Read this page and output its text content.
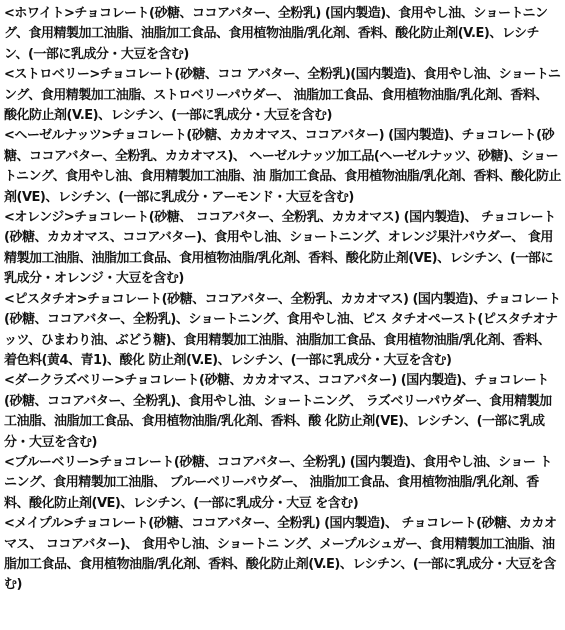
<ホワイト>チョコレート(砂糖、ココアバター、全粉乳) (国内製造)、食用やし油、ショートニング、食用精製加工油脂、油脂加工食品、食用植物油脂/乳化剤、香料、酸化防止剤(V.E)、レシチン、(一部に乳成分・大豆を含む)

<ストロベリー>チョコレート(砂糖、ココ アバター、全粉乳)(国内製造)、食用やし油、ショートニング、食用精製加工油脂、ストロベリーパウダー、 油脂加工食品、食用植物油脂/乳化剤、香料、 酸化防止剤(V.E)、レシチン、(一部に乳成分・大豆を含む)

<ヘーゼルナッツ>チョコレート(砂糖、カカオマス、ココアバター) (国内製造)、チョコレート(砂糖、ココアバター、全粉乳、カカオマス)、 ヘーゼルナッツ加工品(ヘーゼルナッツ、砂糖)、ショートニング、食用やし油、食用精製加工油脂、油 脂加工食品、食用植物油脂/乳化剤、香料、酸化防止剤(VE)、レシチン、(一部に乳成分・アーモンド・大豆を含む)

<オレンジ>チョコレート(砂糖、 ココアバター、全粉乳、カカオマス) (国内製造)、 チョコレート(砂糖、カカオマス、ココアバター)、食用やし油、ショートニング、オレンジ果汁パウダー、 食用精製加工油脂、油脂加工食品、食用植物油脂/乳化剤、香料、酸化防止剤(VE)、レシチン、(一部に乳成分・オレンジ・大豆を含む)

<ピスタチオ>チョコレート(砂糖、ココアバター、全粉乳、カカオマス) (国内製造)、チョコレート(砂糖、ココアバター、全粉乳)、ショートニング、食用やし油、ピス タチオペースト(ピスタチオナッツ、ひまわり油、ぶどう糖)、食用精製加工油脂、油脂加工食品、食用植物油脂/乳化剤、香料、着色料(黄4、青1)、酸化 防止剤(V.E)、レシチン、(一部に乳成分・大豆を含む)

<ダークラズベリー>チョコレート(砂糖、カカオマス、ココアバター) (国内製造)、チョコレート(砂糖、ココアバター、全粉乳)、食用やし油、ショートニング、 ラズベリーパウダー、食用精製加工油脂、油脂加工食品、食用植物油脂/乳化剤、香料、酸 化防止剤(VE)、レシチン、(一部に乳成分・大豆を含む)

<ブルーベリー>チョコレート(砂糖、ココアバター、全粉乳) (国内製造)、食用やし油、ショー トニング、食用精製加工油脂、 ブルーベリーパウダー、 油脂加工食品、食用植物油脂/乳化剤、香料、酸化防止剤(VE)、レシチン、(一部に乳成分・大豆 を含む)

<メイプル>チョコレート(砂糖、ココアバター、全粉乳) (国内製造)、 チョコレート(砂糖、カカオマス、 ココアバター)、 食用やし油、ショートニ ング、メープルシュガー、食用精製加工油脂、油脂加工食品、食用植物油脂/乳化剤、香料、酸化防止剤(V.E)、レシチン、(一部に乳成分・大豆を含む)
